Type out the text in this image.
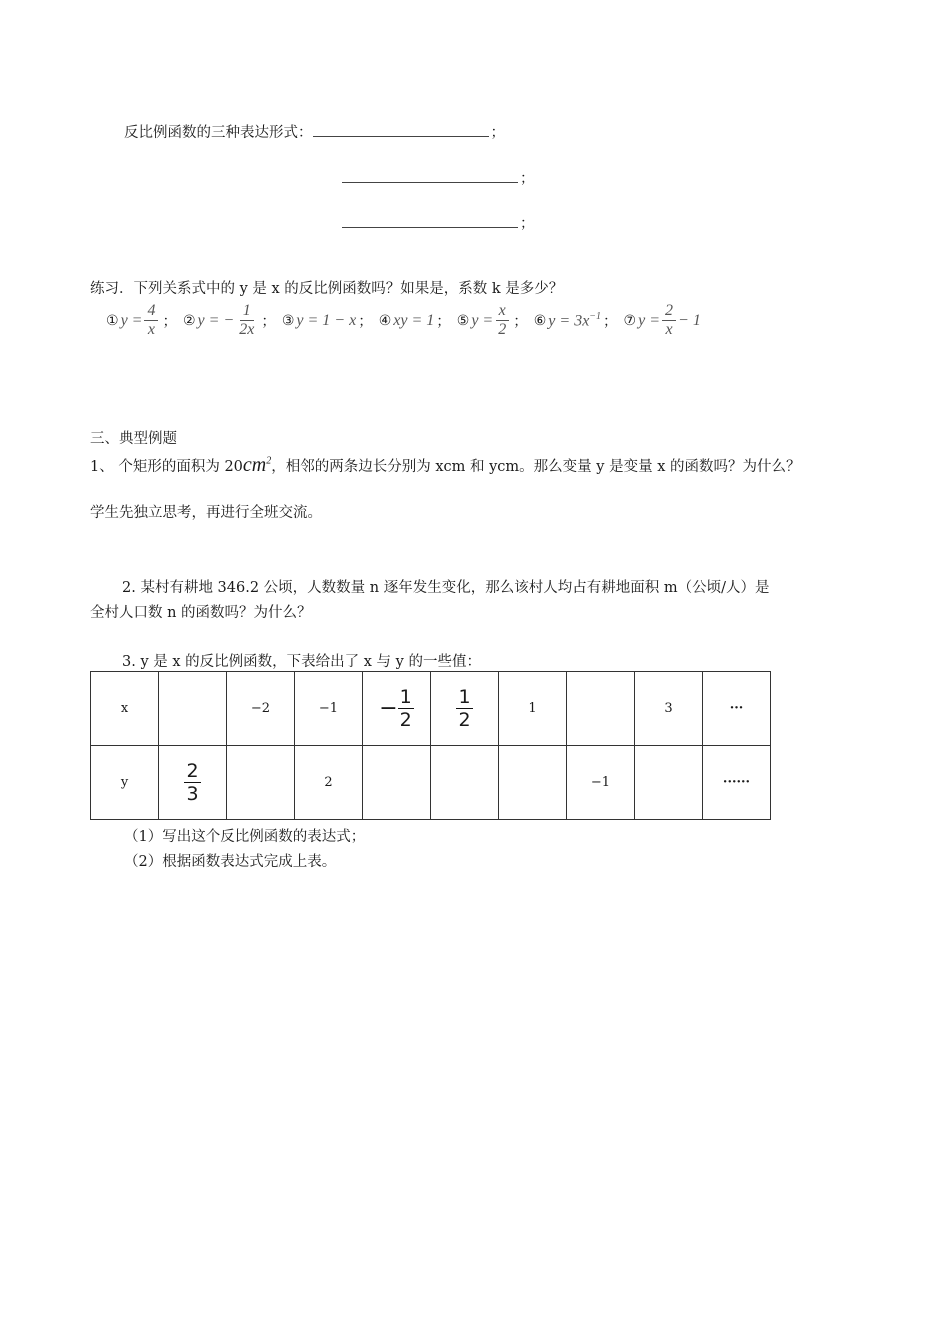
反比例函数的三种表达形式：	；
；
；
练习．下列关系式中的 y 是 x 的反比例函数吗？如果是，系数 k 是多少？
① $y = \frac{4}{x}$ ； ② y = − $\frac{1}{2x}$ ； ③ y = 1 − x ； ④ xy = 1 ； ⑤ $y = \frac{x}{2}$ ； ⑥ $y = 3x^{-1}$ ； ⑦ $y = \frac{2}{x} - 1$
三、典型例题
1、 个矩形的面积为 $20cm^2$，相邻的两条边长分别为 xcm 和 ycm。那么变量 y 是变量 x 的函数吗？为什么？
学生先独立思考，再进行全班交流。
2. 某村有耕地 346.2 公顷，人数数量 n 逐年发生变化，那么该村人均占有耕地面积 m（公顷/人）是
全村人口数 n 的函数吗？为什么？
3. y 是 x 的反比例函数，下表给出了 x 与 y 的一些值：
x		−2	−1	− $\frac{1}{2}$	$\frac{1}{2}$	1		3	···
y	$\frac{2}{3}$		2				−1		······
（1）写出这个反比例函数的表达式；
（2）根据函数表达式完成上表。
